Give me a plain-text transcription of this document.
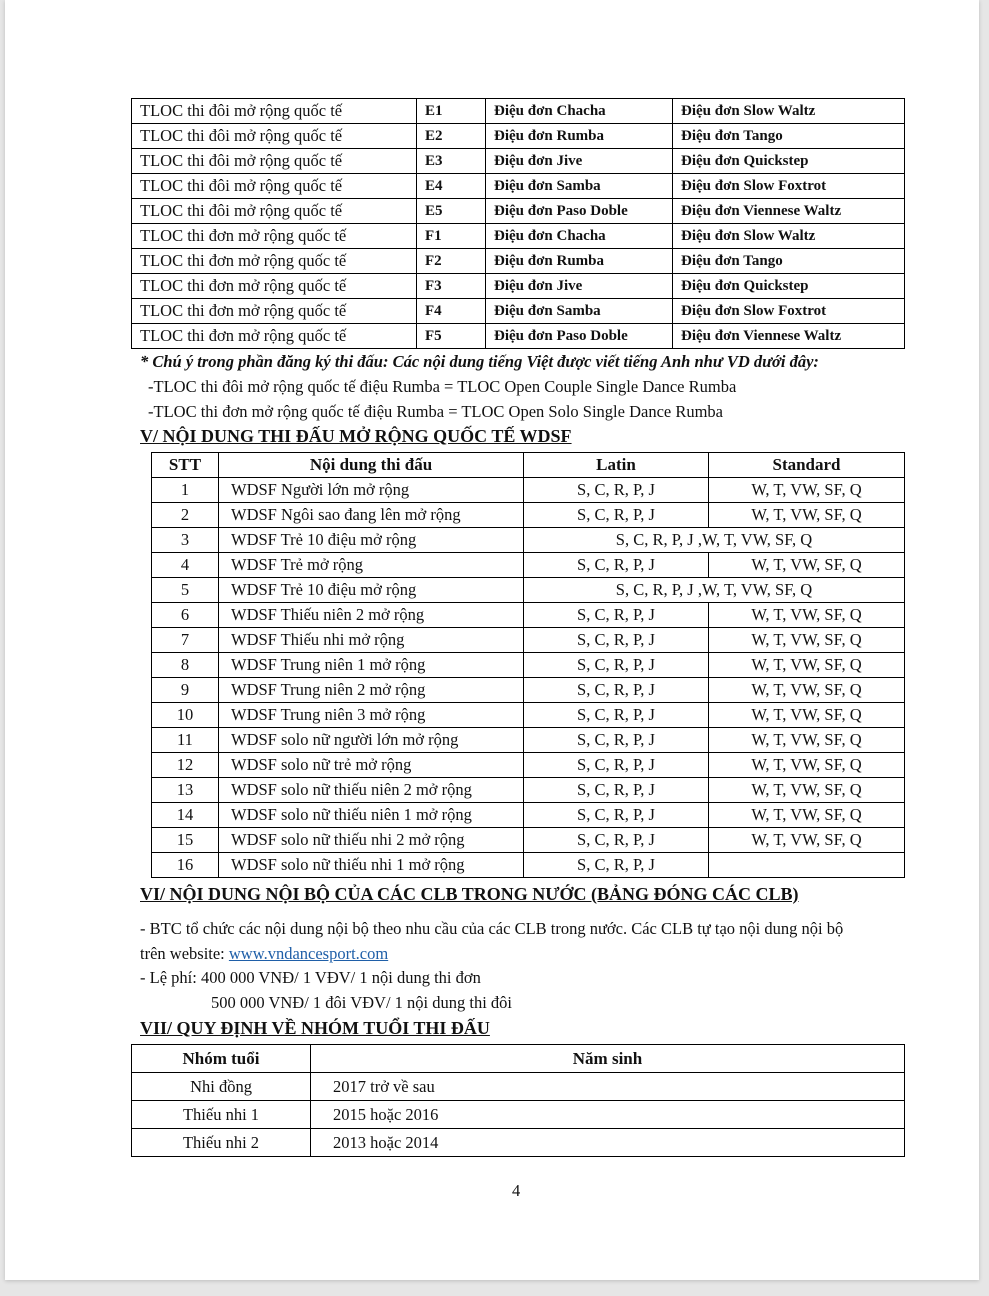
TLOC thi đôi mở rộng quốc tế	E1	Điệu đơn Chacha	Điệu đơn Slow Waltz
TLOC thi đôi mở rộng quốc tế	E2	Điệu đơn Rumba	Điệu đơn Tango
TLOC thi đôi mở rộng quốc tế	E3	Điệu đơn Jive	Điệu đơn Quickstep
TLOC thi đôi mở rộng quốc tế	E4	Điệu đơn Samba	Điệu đơn Slow Foxtrot
TLOC thi đôi mở rộng quốc tế	E5	Điệu đơn Paso Doble	Điệu đơn Viennese Waltz
TLOC thi đơn mở rộng quốc tế	F1	Điệu đơn Chacha	Điệu đơn Slow Waltz
TLOC thi đơn mở rộng quốc tế	F2	Điệu đơn Rumba	Điệu đơn Tango
TLOC thi đơn mở rộng quốc tế	F3	Điệu đơn Jive	Điệu đơn Quickstep
TLOC thi đơn mở rộng quốc tế	F4	Điệu đơn Samba	Điệu đơn Slow Foxtrot
TLOC thi đơn mở rộng quốc tế	F5	Điệu đơn Paso Doble	Điệu đơn Viennese Waltz
* Chú ý trong phần đăng ký thi đấu: Các nội dung tiếng Việt được viết tiếng Anh như VD dưới đây:
-TLOC thi đôi mở rộng quốc tế điệu Rumba = TLOC Open Couple Single Dance Rumba
-TLOC thi đơn mở rộng quốc tế điệu Rumba = TLOC Open Solo Single Dance Rumba
V/ NỘI DUNG THI ĐẤU MỞ RỘNG QUỐC TẾ WDSF
STT	Nội dung thi đấu	Latin	Standard
1	WDSF Người lớn mở rộng	S, C, R, P, J	W, T, VW, SF, Q
2	WDSF Ngôi sao đang lên mở rộng	S, C, R, P, J	W, T, VW, SF, Q
3	WDSF Trẻ 10 điệu mở rộng	S, C, R, P, J ,W, T, VW, SF, Q	
4	WDSF Trẻ mở rộng	S, C, R, P, J	W, T, VW, SF, Q
5	WDSF Trẻ 10 điệu mở rộng	S, C, R, P, J ,W, T, VW, SF, Q	
6	WDSF Thiếu niên 2 mở rộng	S, C, R, P, J	W, T, VW, SF, Q
7	WDSF Thiếu nhi mở rộng	S, C, R, P, J	W, T, VW, SF, Q
8	WDSF Trung niên 1 mở rộng	S, C, R, P, J	W, T, VW, SF, Q
9	WDSF Trung niên 2 mở rộng	S, C, R, P, J	W, T, VW, SF, Q
10	WDSF Trung niên 3 mở rộng	S, C, R, P, J	W, T, VW, SF, Q
11	WDSF solo nữ người lớn mở rộng	S, C, R, P, J	W, T, VW, SF, Q
12	WDSF solo nữ trẻ mở rộng	S, C, R, P, J	W, T, VW, SF, Q
13	WDSF solo nữ thiếu niên 2 mở rộng	S, C, R, P, J	W, T, VW, SF, Q
14	WDSF solo nữ thiếu niên 1 mở rộng	S, C, R, P, J	W, T, VW, SF, Q
15	WDSF solo nữ thiếu nhi 2 mở rộng	S, C, R, P, J	W, T, VW, SF, Q
16	WDSF solo nữ thiếu nhi 1 mở rộng	S, C, R, P, J	
VI/ NỘI DUNG NỘI BỘ CỦA CÁC CLB TRONG NƯỚC (BẢNG ĐÓNG CÁC CLB)
- BTC tổ chức các nội dung nội bộ theo nhu cầu của các CLB trong nước. Các CLB tự tạo nội dung nội bộ
trên website: www.vndancesport.com
- Lệ phí: 400 000 VNĐ/ 1 VĐV/ 1 nội dung thi đơn
500 000 VNĐ/ 1 đôi VĐV/ 1 nội dung thi đôi
VII/ QUY ĐỊNH VỀ NHÓM TUỔI THI ĐẤU
Nhóm tuổi	Năm sinh
Nhi đồng	2017 trở về sau
Thiếu nhi 1	2015 hoặc 2016
Thiếu nhi 2	2013 hoặc 2014
4
